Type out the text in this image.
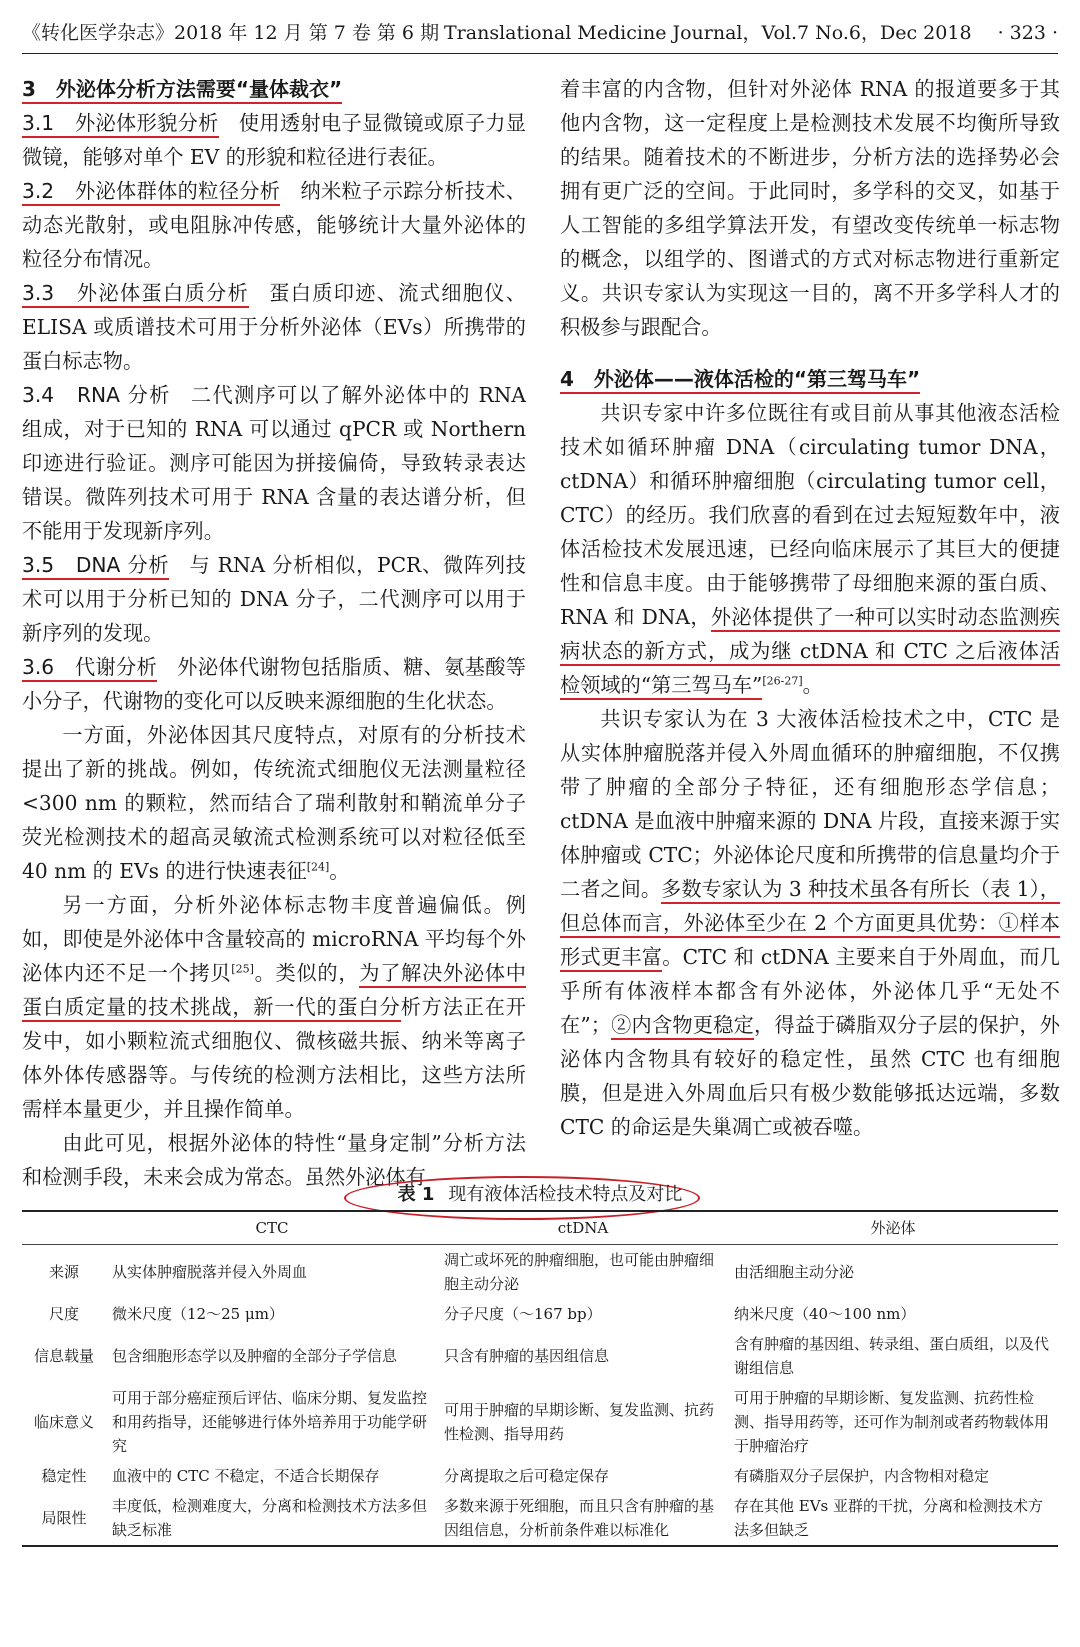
《转化医学杂志》2018 年 12 月 第 7 卷 第 6 期 Translational Medicine Journal，Vol.7 No.6，Dec 2018 · 323 ·

3　外泌体分析方法需要“量体裁衣”

3.1　外泌体形貌分析 使用透射电子显微镜或原子力显微镜，能够对单个 EV 的形貌和粒径进行表征。

3.2　外泌体群体的粒径分析 纳米粒子示踪分析技术、动态光散射，或电阻脉冲传感，能够统计大量外泌体的粒径分布情况。

3.3　外泌体蛋白质分析 蛋白质印迹、流式细胞仪、ELISA 或质谱技术可用于分析外泌体（EVs）所携带的蛋白标志物。

3.4　RNA 分析 二代测序可以了解外泌体中的 RNA 组成，对于已知的 RNA 可以通过 qPCR 或 Northern 印迹进行验证。测序可能因为拼接偏倚，导致转录表达错误。微阵列技术可用于 RNA 含量的表达谱分析，但不能用于发现新序列。

3.5　DNA 分析 与 RNA 分析相似，PCR、微阵列技术可以用于分析已知的 DNA 分子，二代测序可以用于新序列的发现。

3.6　代谢分析 外泌体代谢物包括脂质、糖、氨基酸等小分子，代谢物的变化可以反映来源细胞的生化状态。

一方面，外泌体因其尺度特点，对原有的分析技术提出了新的挑战。例如，传统流式细胞仪无法测量粒径<300 nm 的颗粒，然而结合了瑞利散射和鞘流单分子荧光检测技术的超高灵敏流式检测系统可以对粒径低至 40 nm 的 EVs 的进行快速表征[24]。

另一方面，分析外泌体标志物丰度普遍偏低。例如，即使是外泌体中含量较高的 microRNA 平均每个外泌体内还不足一个拷贝[25]。类似的，为了解决外泌体中蛋白质定量的技术挑战，新一代的蛋白分析方法正在开发中，如小颗粒流式细胞仪、微核磁共振、纳米等离子体外体传感器等。与传统的检测方法相比，这些方法所需样本量更少，并且操作简单。

由此可见，根据外泌体的特性“量身定制”分析方法和检测手段，未来会成为常态。虽然外泌体有

着丰富的内含物，但针对外泌体 RNA 的报道要多于其他内含物，这一定程度上是检测技术发展不均衡所导致的结果。随着技术的不断进步，分析方法的选择势必会拥有更广泛的空间。于此同时，多学科的交叉，如基于人工智能的多组学算法开发，有望改变传统单一标志物的概念，以组学的、图谱式的方式对标志物进行重新定义。共识专家认为实现这一目的，离不开多学科人才的积极参与跟配合。

4　外泌体——液体活检的“第三驾马车”

共识专家中许多位既往有或目前从事其他液态活检技术如循环肿瘤 DNA（circulating tumor DNA，ctDNA）和循环肿瘤细胞（circulating tumor cell，CTC）的经历。我们欣喜的看到在过去短短数年中，液体活检技术发展迅速，已经向临床展示了其巨大的便捷性和信息丰度。由于能够携带了母细胞来源的蛋白质、RNA 和 DNA，外泌体提供了一种可以实时动态监测疾病状态的新方式，成为继 ctDNA 和 CTC 之后液体活检领域的“第三驾马车”[26-27]。

共识专家认为在 3 大液体活检技术之中，CTC 是从实体肿瘤脱落并侵入外周血循环的肿瘤细胞，不仅携带了肿瘤的全部分子特征，还有细胞形态学信息；ctDNA 是血液中肿瘤来源的 DNA 片段，直接来源于实体肿瘤或 CTC；外泌体论尺度和所携带的信息量均介于二者之间。多数专家认为 3 种技术虽各有所长（表 1），但总体而言，外泌体至少在 2 个方面更具优势：①样本形式更丰富。CTC 和 ctDNA 主要来自于外周血，而几乎所有体液样本都含有外泌体，外泌体几乎“无处不在”；②内含物更稳定，得益于磷脂双分子层的保护，外泌体内含物具有较好的稳定性，虽然 CTC 也有细胞膜，但是进入外周血后只有极少数能够抵达远端，多数 CTC 的命运是失巢凋亡或被吞噬。

表 1 现有液体活检技术特点及对比
	CTC	ctDNA	外泌体
来源	从实体肿瘤脱落并侵入外周血	凋亡或坏死的肿瘤细胞，也可能由肿瘤细胞主动分泌	由活细胞主动分泌
尺度	微米尺度（12～25 μm）	分子尺度（～167 bp）	纳米尺度（40～100 nm）
信息载量	包含细胞形态学以及肿瘤的全部分子学信息	只含有肿瘤的基因组信息	含有肿瘤的基因组、转录组、蛋白质组，以及代谢组信息
临床意义	可用于部分癌症预后评估、临床分期、复发监控和用药指导，还能够进行体外培养用于功能学研究	可用于肿瘤的早期诊断、复发监测、抗药性检测、指导用药	可用于肿瘤的早期诊断、复发监测、抗药性检测、指导用药等，还可作为制剂或者药物载体用于肿瘤治疗
稳定性	血液中的 CTC 不稳定，不适合长期保存	分离提取之后可稳定保存	有磷脂双分子层保护，内含物相对稳定
局限性	丰度低，检测难度大，分离和检测技术方法多但缺乏标准	多数来源于死细胞，而且只含有肿瘤的基因组信息，分析前条件难以标准化	存在其他 EVs 亚群的干扰，分离和检测技术方法多但缺乏
